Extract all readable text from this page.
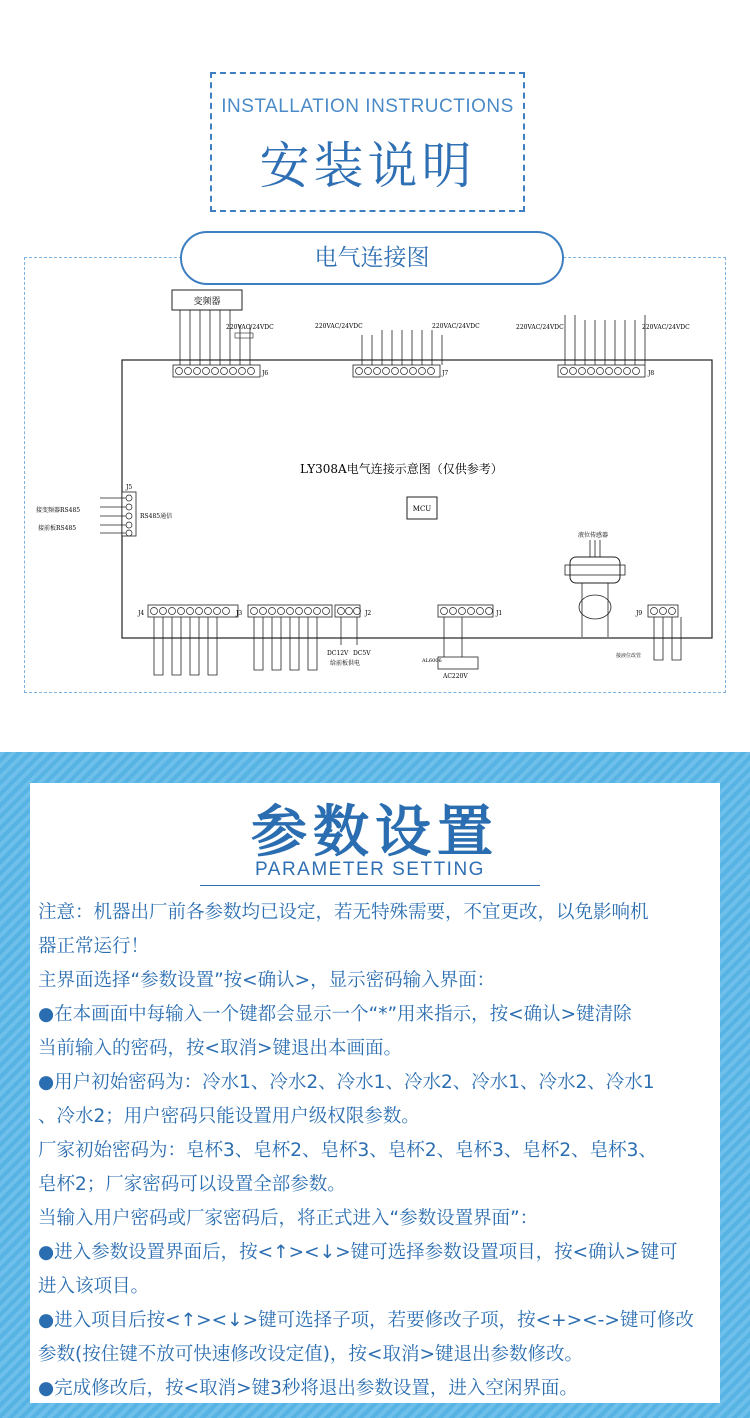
INSTALLATION INSTRUCTIONS
安装说明
电气连接图
变频器
220VAC/24VDC
J6
220VAC/24VDC	220VAC/24VDC
J7
220VAC/24VDC	220VAC/24VDC
J8
LY308A电气连接示意图（仅供参考）
MCU
J5
接变频器RS485
接前板RS485
RS485通信
J4	J3	J2
DC12V DC5V
给前板供电
J1
AL6006
AC220V
液位传感器
接液位改管
J9
参数设置
PARAMETER SETTING
注意：机器出厂前各参数均已设定，若无特殊需要，不宜更改，以免影响机
器正常运行！
主界面选择“参数设置”按<确认>，显示密码输入界面：
●在本画面中每输入一个键都会显示一个“*”用来指示，按<确认>键清除
当前输入的密码，按<取消>键退出本画面。
●用户初始密码为：冷水1、冷水2、冷水1、冷水2、冷水1、冷水2、冷水1
、冷水2；用户密码只能设置用户级权限参数。
厂家初始密码为：皂杯3、皂杯2、皂杯3、皂杯2、皂杯3、皂杯2、皂杯3、
皂杯2；厂家密码可以设置全部参数。
当输入用户密码或厂家密码后，将正式进入“参数设置界面”：
●进入参数设置界面后，按<↑><↓>键可选择参数设置项目，按<确认>键可
进入该项目。
●进入项目后按<↑><↓>键可选择子项，若要修改子项，按<+><->键可修改
参数(按住键不放可快速修改设定值)，按<取消>键退出参数修改。
●完成修改后，按<取消>键3秒将退出参数设置，进入空闲界面。
